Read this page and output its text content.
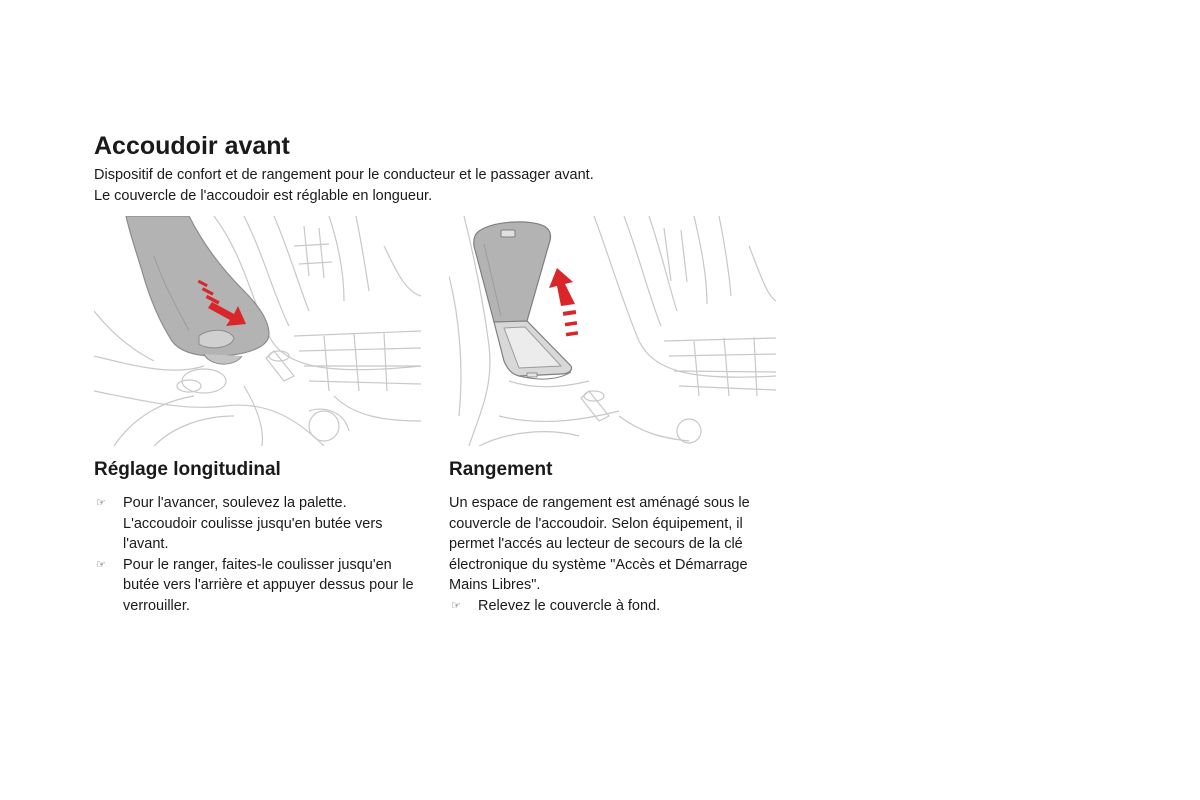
Accoudoir avant

Dispositif de confort et de rangement pour le conducteur et le passager avant.

Le couvercle de l'accoudoir est réglable en longueur.

Réglage longitudinal
☞ Pour l'avancer, soulevez la palette. L'accoudoir coulisse jusqu'en butée vers l'avant.
☞ Pour le ranger, faites-le coulisser jusqu'en butée vers l'arrière et appuyer dessus pour le verrouiller.
Rangement

Un espace de rangement est aménagé sous le couvercle de l'accoudoir. Selon équipement, il permet l'accés au lecteur de secours de la clé électronique du système "Accès et Démarrage Mains Libres".

☞ Relevez le couvercle à fond.
